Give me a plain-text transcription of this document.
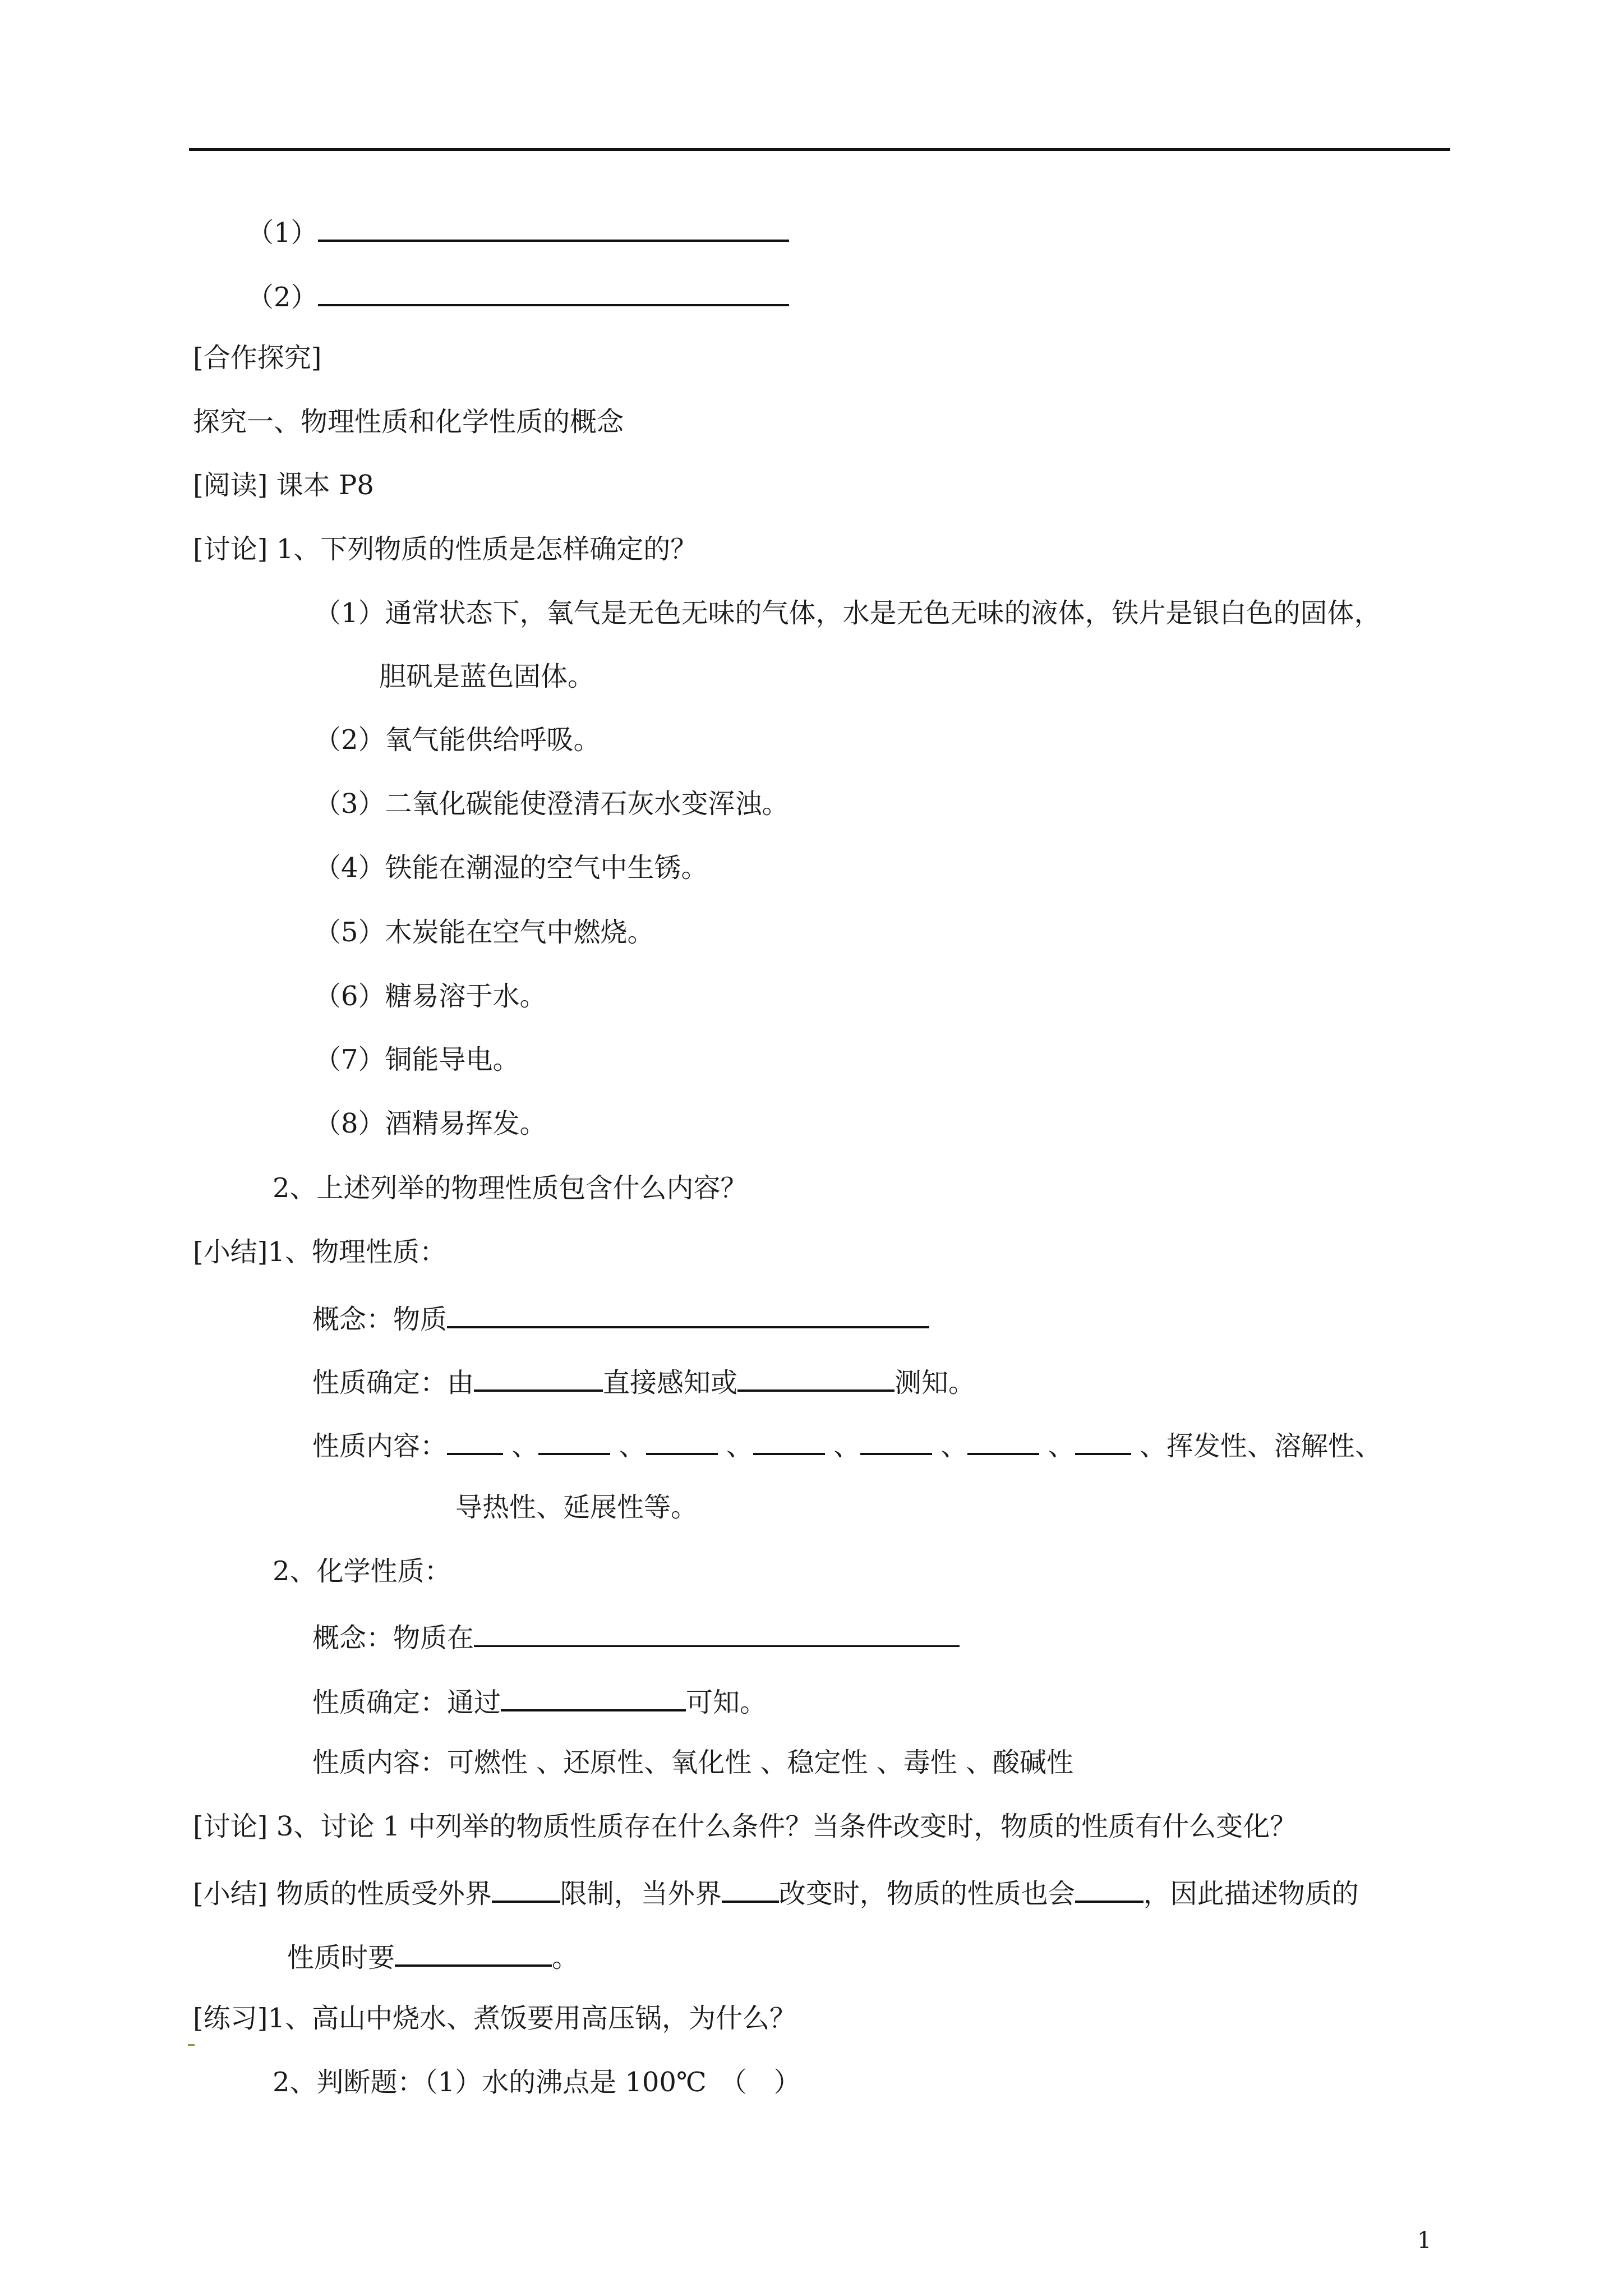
（1）
（2）
[合作探究]
探究一、物理性质和化学性质的概念
[阅读] 课本 P8
[讨论] 1、下列物质的性质是怎样确定的？
（1）通常状态下，氧气是无色无味的气体，水是无色无味的液体，铁片是银白色的固体，
胆矾是蓝色固体。
（2）氧气能供给呼吸。
（3）二氧化碳能使澄清石灰水变浑浊。
（4）铁能在潮湿的空气中生锈。
（5）木炭能在空气中燃烧。
（6）糖易溶于水。
（7）铜能导电。
（8）酒精易挥发。
2、上述列举的物理性质包含什么内容？
[小结]1、物理性质：
概念：物质
性质确定：由	直接感知或	测知。
性质内容： 、	、	、	、	、	、 、挥发性、溶解性、
导热性、延展性等。
2、化学性质：
概念：物质在
性质确定：通过	可知。
性质内容：可燃性 、还原性、氧化性 、稳定性 、毒性 、酸碱性
[讨论] 3、讨论 1 中列举的物质性质存在什么条件？当条件改变时，物质的性质有什么变化？
[小结] 物质的性质受外界	限制，当外界 改变时，物质的性质也会	，因此描述物质的
性质时要	。
[练习]1、高山中烧水、煮饭要用高压锅，为什么？
2、判断题：（1）水的沸点是 100℃　（　）
1
